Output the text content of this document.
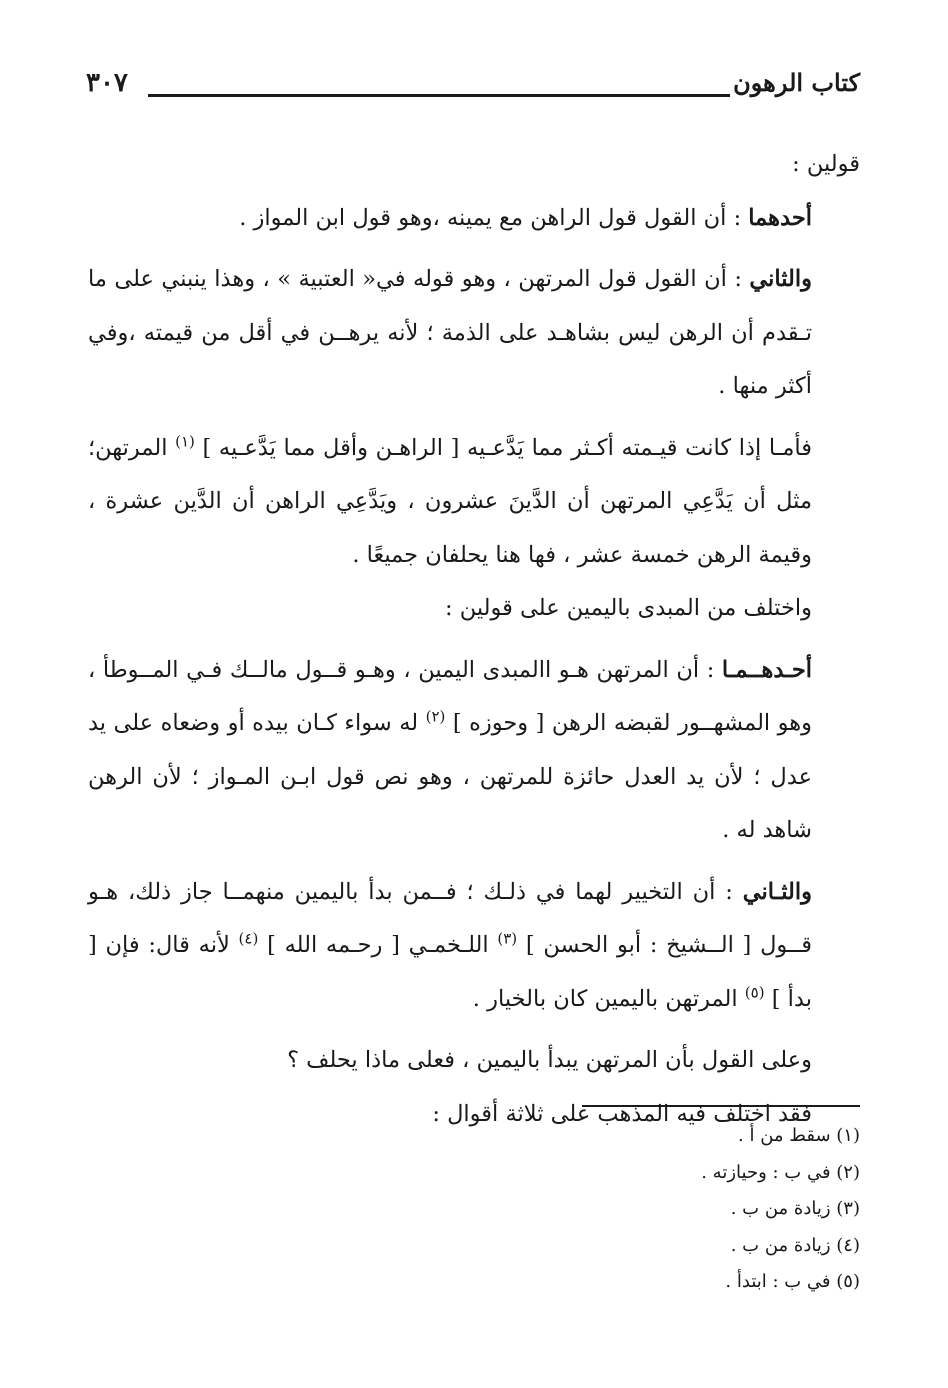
كتاب الرهون
٣٠٧

قولين :

أحدهما : أن القول قول الراهن مع يمينه ،وهو قول ابن المواز .

والثاني : أن القول قول المرتهن ، وهو قوله في« العتبية » ، وهذا ينبني على ما تـقدم أن الرهن ليس بشاهـد على الذمة ؛ لأنه يرهــن في أقل من قيمته ،وفي أكثر منها .

فأمـا إذا كانت قيـمته أكـثر مما يَدَّعـيه [ الراهـن وأقل مما يَدَّعـيه ] $^{(١)}$ المرتهن؛ مثل أن يَدَّعِي المرتهن أن الدَّينَ عشرون ، ويَدَّعِي الراهن أن الدَّين عشرة ، وقيمة الرهن خمسة عشر ، فها هنا يحلفان جميعًا .

واختلف من المبدى باليمين على قولين :

أحـدهــمـا : أن المرتهن هـو االمبدى اليمين ، وهـو قــول مالــك فـي المــوطأ ، وهو المشهــور لقبضه الرهن [ وحوزه ] $^{(٢)}$ له سواء كـان بيده أو وضعاه على يد عدل ؛ لأن يد العدل حائزة للمرتهن ، وهو نص قول ابـن المـواز ؛ لأن الرهن شاهد له .

والثـاني : أن التخيير لهما في ذلـك ؛ فــمن بدأ باليمين منهمــا جاز ذلك، هـو قــول [ الــشيخ : أبو الحسن ] $^{(٣)}$ اللـخمـي [ رحـمه الله ] $^{(٤)}$ لأنه قال: فإن [ بدأ ] $^{(٥)}$ المرتهن باليمين كان بالخيار .

وعلى القول بأن المرتهن يبدأ باليمين ، فعلى ماذا يحلف ؟

فقد اختلف فيه المذهب على ثلاثة أقوال :

(١) سقط من أ .

(٢) في ب : وحيازته .

(٣) زيادة من ب .

(٤) زيادة من ب .

(٥) في ب : ابتدأ .
